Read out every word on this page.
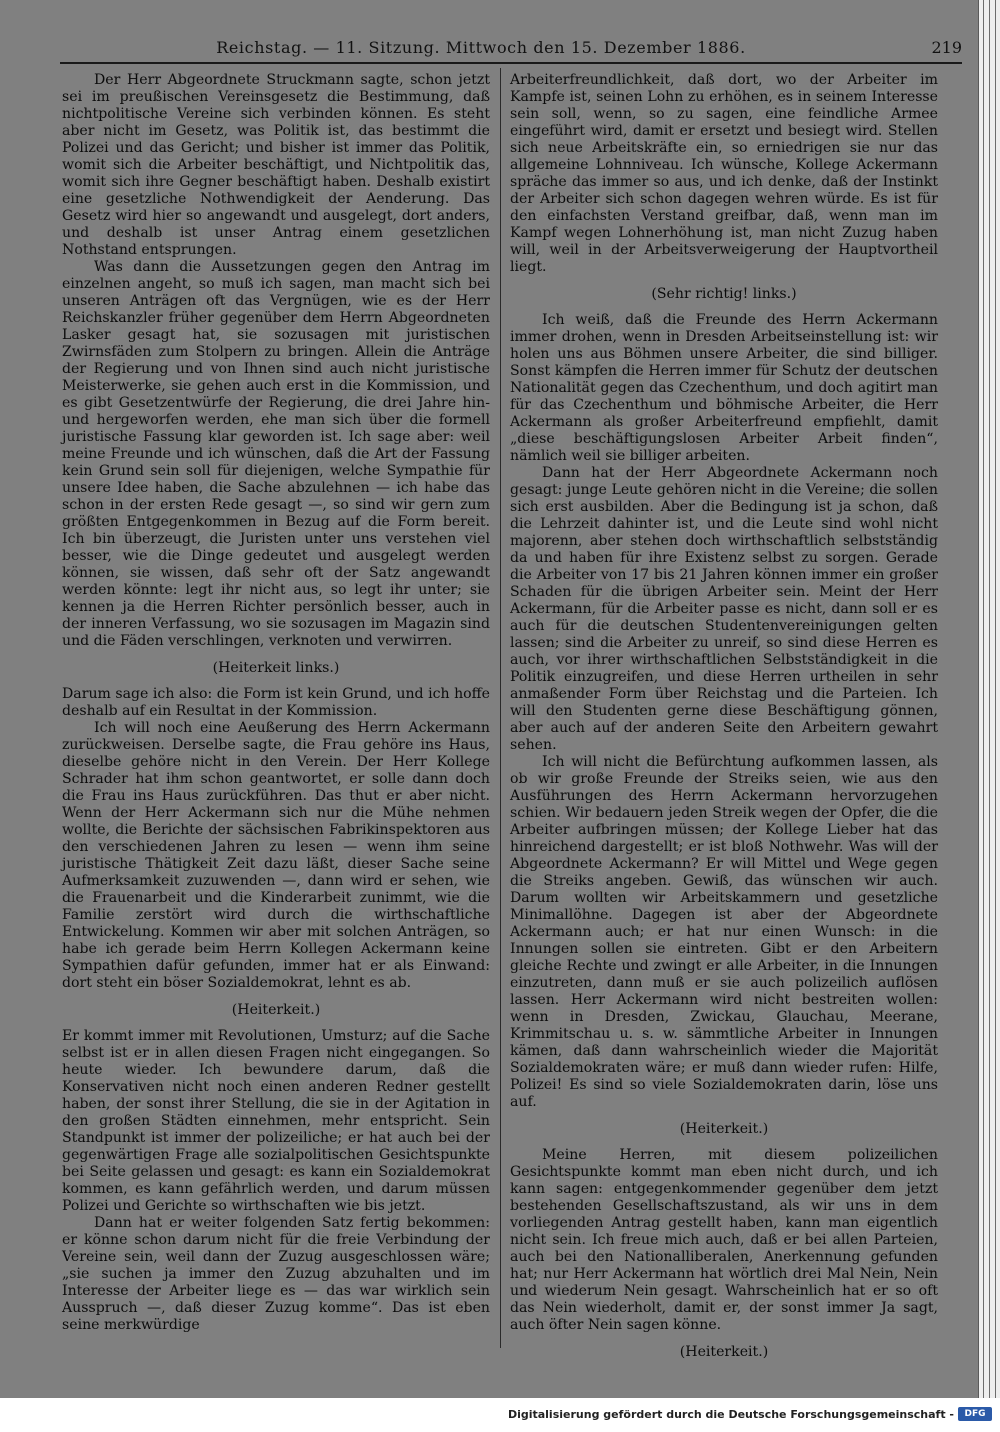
Reichstag. — 11. Sitzung. Mittwoch den 15. Dezember 1886.	219

Der Herr Abgeordnete Struckmann sagte, schon jetzt sei im preußischen Vereinsgesetz die Bestimmung, daß nichtpolitische Vereine sich verbinden können. Es steht aber nicht im Gesetz, was Politik ist, das bestimmt die Polizei und das Gericht; und bisher ist immer das Politik, womit sich die Arbeiter beschäftigt, und Nichtpolitik das, womit sich ihre Gegner beschäftigt haben. Deshalb existirt eine gesetzliche Nothwendigkeit der Aenderung. Das Gesetz wird hier so angewandt und ausgelegt, dort anders, und deshalb ist unser Antrag einem gesetzlichen Nothstand entsprungen.

Was dann die Aussetzungen gegen den Antrag im einzelnen angeht, so muß ich sagen, man macht sich bei unseren Anträgen oft das Vergnügen, wie es der Herr Reichskanzler früher gegenüber dem Herrn Abgeordneten Lasker gesagt hat, sie sozusagen mit juristischen Zwirnsfäden zum Stolpern zu bringen. Allein die Anträge der Regierung und von Ihnen sind auch nicht juristische Meisterwerke, sie gehen auch erst in die Kommission, und es gibt Gesetzentwürfe der Regierung, die drei Jahre hin- und hergeworfen werden, ehe man sich über die formell juristische Fassung klar geworden ist. Ich sage aber: weil meine Freunde und ich wünschen, daß die Art der Fassung kein Grund sein soll für diejenigen, welche Sympathie für unsere Idee haben, die Sache abzulehnen — ich habe das schon in der ersten Rede gesagt —, so sind wir gern zum größten Entgegenkommen in Bezug auf die Form bereit. Ich bin überzeugt, die Juristen unter uns verstehen viel besser, wie die Dinge gedeutet und ausgelegt werden können, sie wissen, daß sehr oft der Satz angewandt werden könnte: legt ihr nicht aus, so legt ihr unter; sie kennen ja die Herren Richter persönlich besser, auch in der inneren Verfassung, wo sie sozusagen im Magazin sind und die Fäden verschlingen, verknoten und verwirren.

(Heiterkeit links.)

Darum sage ich also: die Form ist kein Grund, und ich hoffe deshalb auf ein Resultat in der Kommission.

Ich will noch eine Aeußerung des Herrn Ackermann zurückweisen. Derselbe sagte, die Frau gehöre ins Haus, dieselbe gehöre nicht in den Verein. Der Herr Kollege Schrader hat ihm schon geantwortet, er solle dann doch die Frau ins Haus zurückführen. Das thut er aber nicht. Wenn der Herr Ackermann sich nur die Mühe nehmen wollte, die Berichte der sächsischen Fabrikinspektoren aus den verschiedenen Jahren zu lesen — wenn ihm seine juristische Thätigkeit Zeit dazu läßt, dieser Sache seine Aufmerksamkeit zuzuwenden —, dann wird er sehen, wie die Frauenarbeit und die Kinderarbeit zunimmt, wie die Familie zerstört wird durch die wirthschaftliche Entwickelung. Kommen wir aber mit solchen Anträgen, so habe ich gerade beim Herrn Kollegen Ackermann keine Sympathien dafür gefunden, immer hat er als Einwand: dort steht ein böser Sozialdemokrat, lehnt es ab.

(Heiterkeit.)

Er kommt immer mit Revolutionen, Umsturz; auf die Sache selbst ist er in allen diesen Fragen nicht eingegangen. So heute wieder. Ich bewundere darum, daß die Konservativen nicht noch einen anderen Redner gestellt haben, der sonst ihrer Stellung, die sie in der Agitation in den großen Städten einnehmen, mehr entspricht. Sein Standpunkt ist immer der polizeiliche; er hat auch bei der gegenwärtigen Frage alle sozialpolitischen Gesichtspunkte bei Seite gelassen und gesagt: es kann ein Sozialdemokrat kommen, es kann gefährlich werden, und darum müssen Polizei und Gerichte so wirthschaften wie bis jetzt.

Dann hat er weiter folgenden Satz fertig bekommen: er könne schon darum nicht für die freie Verbindung der Vereine sein, weil dann der Zuzug ausgeschlossen wäre; „sie suchen ja immer den Zuzug abzuhalten und im Interesse der Arbeiter liege es — das war wirklich sein Ausspruch —, daß dieser Zuzug komme“. Das ist eben seine merkwürdige

Arbeiterfreundlichkeit, daß dort, wo der Arbeiter im Kampfe ist, seinen Lohn zu erhöhen, es in seinem Interesse sein soll, wenn, so zu sagen, eine feindliche Armee eingeführt wird, damit er ersetzt und besiegt wird. Stellen sich neue Arbeitskräfte ein, so erniedrigen sie nur das allgemeine Lohnniveau. Ich wünsche, Kollege Ackermann spräche das immer so aus, und ich denke, daß der Instinkt der Arbeiter sich schon dagegen wehren würde. Es ist für den einfachsten Verstand greifbar, daß, wenn man im Kampf wegen Lohnerhöhung ist, man nicht Zuzug haben will, weil in der Arbeitsverweigerung der Hauptvortheil liegt.

(Sehr richtig! links.)

Ich weiß, daß die Freunde des Herrn Ackermann immer drohen, wenn in Dresden Arbeitseinstellung ist: wir holen uns aus Böhmen unsere Arbeiter, die sind billiger. Sonst kämpfen die Herren immer für Schutz der deutschen Nationalität gegen das Czechenthum, und doch agitirt man für das Czechenthum und böhmische Arbeiter, die Herr Ackermann als großer Arbeiterfreund empfiehlt, damit „diese beschäftigungslosen Arbeiter Arbeit finden“, nämlich weil sie billiger arbeiten.

Dann hat der Herr Abgeordnete Ackermann noch gesagt: junge Leute gehören nicht in die Vereine; die sollen sich erst ausbilden. Aber die Bedingung ist ja schon, daß die Lehrzeit dahinter ist, und die Leute sind wohl nicht majorenn, aber stehen doch wirthschaftlich selbstständig da und haben für ihre Existenz selbst zu sorgen. Gerade die Arbeiter von 17 bis 21 Jahren können immer ein großer Schaden für die übrigen Arbeiter sein. Meint der Herr Ackermann, für die Arbeiter passe es nicht, dann soll er es auch für die deutschen Studentenvereinigungen gelten lassen; sind die Arbeiter zu unreif, so sind diese Herren es auch, vor ihrer wirthschaftlichen Selbstständigkeit in die Politik einzugreifen, und diese Herren urtheilen in sehr anmaßender Form über Reichstag und die Parteien. Ich will den Studenten gerne diese Beschäftigung gönnen, aber auch auf der anderen Seite den Arbeitern gewahrt sehen.

Ich will nicht die Befürchtung aufkommen lassen, als ob wir große Freunde der Streiks seien, wie aus den Ausführungen des Herrn Ackermann hervorzugehen schien. Wir bedauern jeden Streik wegen der Opfer, die die Arbeiter aufbringen müssen; der Kollege Lieber hat das hinreichend dargestellt; er ist bloß Nothwehr. Was will der Abgeordnete Ackermann? Er will Mittel und Wege gegen die Streiks angeben. Gewiß, das wünschen wir auch. Darum wollten wir Arbeitskammern und gesetzliche Minimallöhne. Dagegen ist aber der Abgeordnete Ackermann auch; er hat nur einen Wunsch: in die Innungen sollen sie eintreten. Gibt er den Arbeitern gleiche Rechte und zwingt er alle Arbeiter, in die Innungen einzutreten, dann muß er sie auch polizeilich auflösen lassen. Herr Ackermann wird nicht bestreiten wollen: wenn in Dresden, Zwickau, Glauchau, Meerane, Krimmitschau u. s. w. sämmtliche Arbeiter in Innungen kämen, daß dann wahrscheinlich wieder die Majorität Sozialdemokraten wäre; er muß dann wieder rufen: Hilfe, Polizei! Es sind so viele Sozialdemokraten darin, löse uns auf.

(Heiterkeit.)

Meine Herren, mit diesem polizeilichen Gesichtspunkte kommt man eben nicht durch, und ich kann sagen: entgegenkommender gegenüber dem jetzt bestehenden Gesellschaftszustand, als wir uns in dem vorliegenden Antrag gestellt haben, kann man eigentlich nicht sein. Ich freue mich auch, daß er bei allen Parteien, auch bei den Nationalliberalen, Anerkennung gefunden hat; nur Herr Ackermann hat wörtlich drei Mal Nein, Nein und wiederum Nein gesagt. Wahrscheinlich hat er so oft das Nein wiederholt, damit er, der sonst immer Ja sagt, auch öfter Nein sagen könne.

(Heiterkeit.)

Digitalisierung gefördert durch die Deutsche Forschungsgemeinschaft -	DFG
